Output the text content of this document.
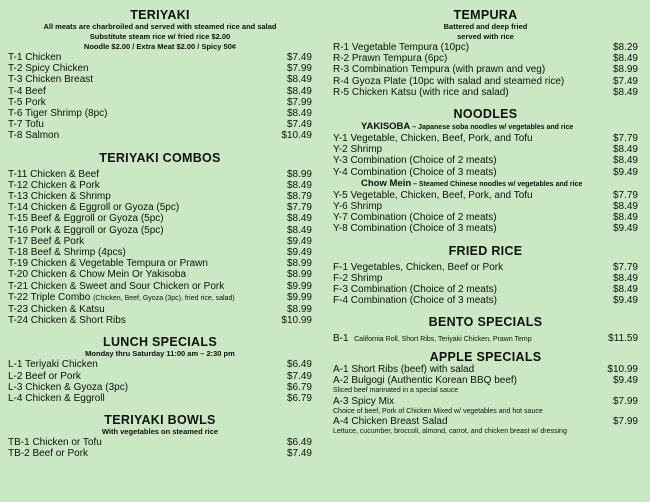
TERIYAKI

All meats are charbroiled and served with steamed rice and salad

Substitute steam rice w/ fried rice $2.00

Noodle $2.00 / Extra Meat $2.00 / Spicy 50¢

T-1 Chicken	$7.49
T-2 Spicy Chicken	$7.99
T-3 Chicken Breast	$8.49
T-4 Beef	$8.49
T-5 Pork	$7.99
T-6 Tiger Shrimp (8pc)	$8.49
T-7 Tofu	$7.49
T-8 Salmon	$10.49
TERIYAKI COMBOS
T-11 Chicken & Beef	$8.99
T-12 Chicken & Pork	$8.49
T-13 Chicken & Shrimp	$8.79
T-14 Chicken & Eggroll or Gyoza (5pc)	$7.79
T-15 Beef & Eggroll or Gyoza (5pc)	$8.49
T-16 Pork & Eggroll or Gyoza (5pc)	$8.49
T-17 Beef & Pork	$9.49
T-18 Beef & Shrimp (4pcs)	$9.49
T-19 Chicken & Vegetable Tempura or Prawn	$8.99
T-20 Chicken & Chow Mein Or Yakisoba	$8.99
T-21 Chicken & Sweet and Sour Chicken or Pork	$9.99
T-22 Triple Combo (Chicken, Beef, Gyoza (3pc), fried rice, salad)	$9.99
T-23 Chicken & Katsu	$8.99
T-24 Chicken & Short Ribs	$10.99
LUNCH SPECIALS

Monday thru Saturday 11:00 am – 2:30 pm

L-1 Teriyaki Chicken	$6.49
L-2 Beef or Pork	$7.49
L-3 Chicken & Gyoza (3pc)	$6.79
L-4 Chicken & Eggroll	$6.79
TERIYAKI BOWLS

With vegetables on steamed rice

TB-1 Chicken or Tofu	$6.49
TB-2 Beef or Pork	$7.49
TEMPURA

Battered and deep fried

served with rice

R-1 Vegetable Tempura (10pc)	$8.29
R-2 Prawn Tempura (6pc)	$8.49
R-3 Combination Tempura (with prawn and veg)	$8.99
R-4 Gyoza Plate (10pc with salad and steamed rice)	$7.49
R-5 Chicken Katsu (with rice and salad)	$8.49
NOODLES
YAKISOBA – Japanese soba noodles w/ vegetables and rice
Y-1 Vegetable, Chicken, Beef, Pork, and Tofu	$7.79
Y-2 Shrimp	$8.49
Y-3 Combination (Choice of 2 meats)	$8.49
Y-4 Combination (Choice of 3 meats)	$9.49
Chow Mein – Steamed Chinese noodles w/ vegetables and rice
Y-5 Vegetable, Chicken, Beef, Pork, and Tofu	$7.79
Y-6 Shrimp	$8.49
Y-7 Combination (Choice of 2 meats)	$8.49
Y-8 Combination (Choice of 3 meats)	$9.49
FRIED RICE
F-1 Vegetables, Chicken, Beef or Pork	$7.79
F-2 Shrimp	$8.49
F-3 Combination (Choice of 2 meats)	$8.49
F-4 Combination (Choice of 3 meats)	$9.49
BENTO SPECIALS
B-1 California Roll, Short Ribs, Teriyaki Chicken, Prawn Temp	$11.59
APPLE SPECIALS
A-1 Short Ribs (beef) with salad	$10.99
A-2 Bulgogi (Authentic Korean BBQ beef)	$9.49
Sliced beef marinated in a special sauce
A-3 Spicy Mix	$7.99
Choice of beef, Pork of Chicken Mixed w/ vegetables and hot sauce
A-4 Chicken Breast Salad	$7.99
Lettuce, cucumber, broccoli, almond, carrot, and chicken breast w/ dressing
